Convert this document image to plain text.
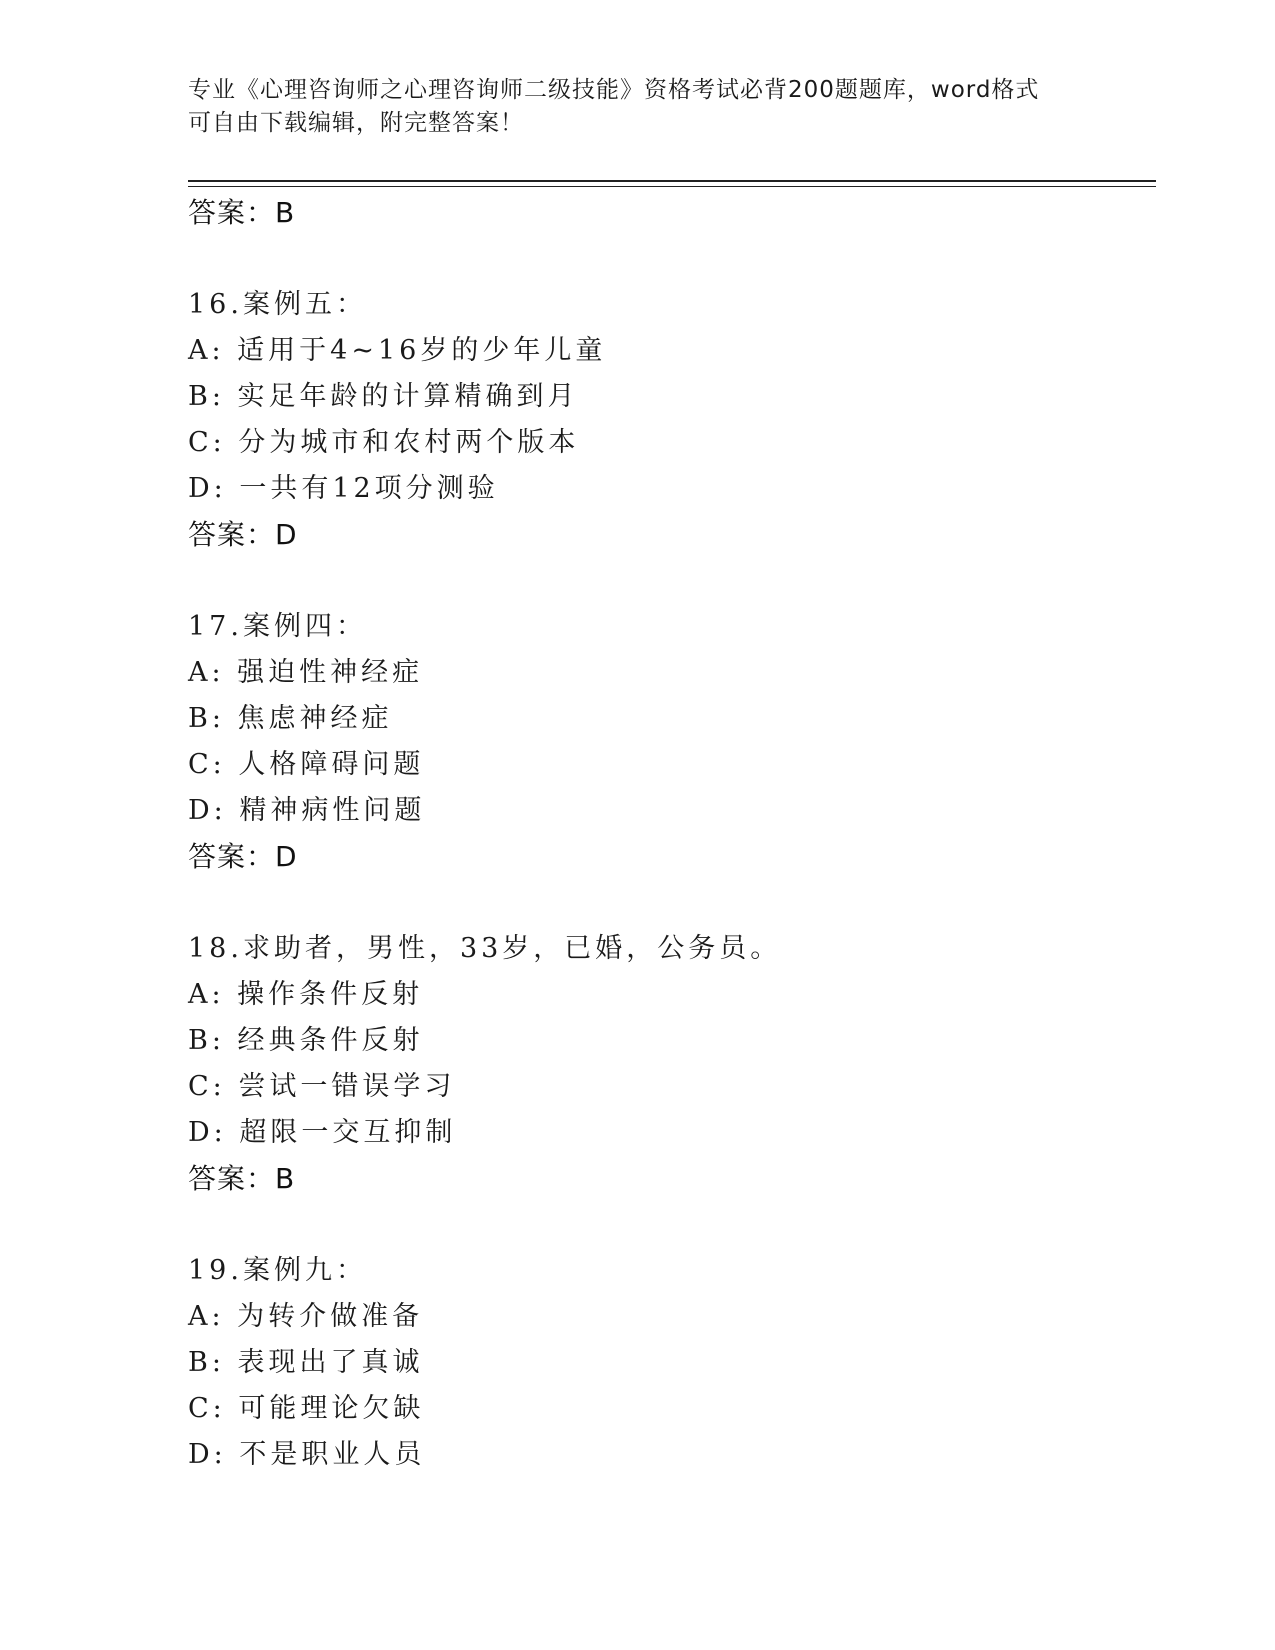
专业《心理咨询师之心理咨询师二级技能》资格考试必背200题题库，word格式
可自由下载编辑，附完整答案！
答案：B
16.案例五：
A: 适用于4~16岁的少年儿童
B: 实足年龄的计算精确到月
C: 分为城市和农村两个版本
D: 一共有12项分测验
答案：D
17.案例四：
A: 强迫性神经症
B: 焦虑神经症
C: 人格障碍问题
D: 精神病性问题
答案：D
18.求助者，男性，33岁，已婚，公务员。
A: 操作条件反射
B: 经典条件反射
C: 尝试一错误学习
D: 超限一交互抑制
答案：B
19.案例九：
A: 为转介做准备
B: 表现出了真诚
C: 可能理论欠缺
D: 不是职业人员
